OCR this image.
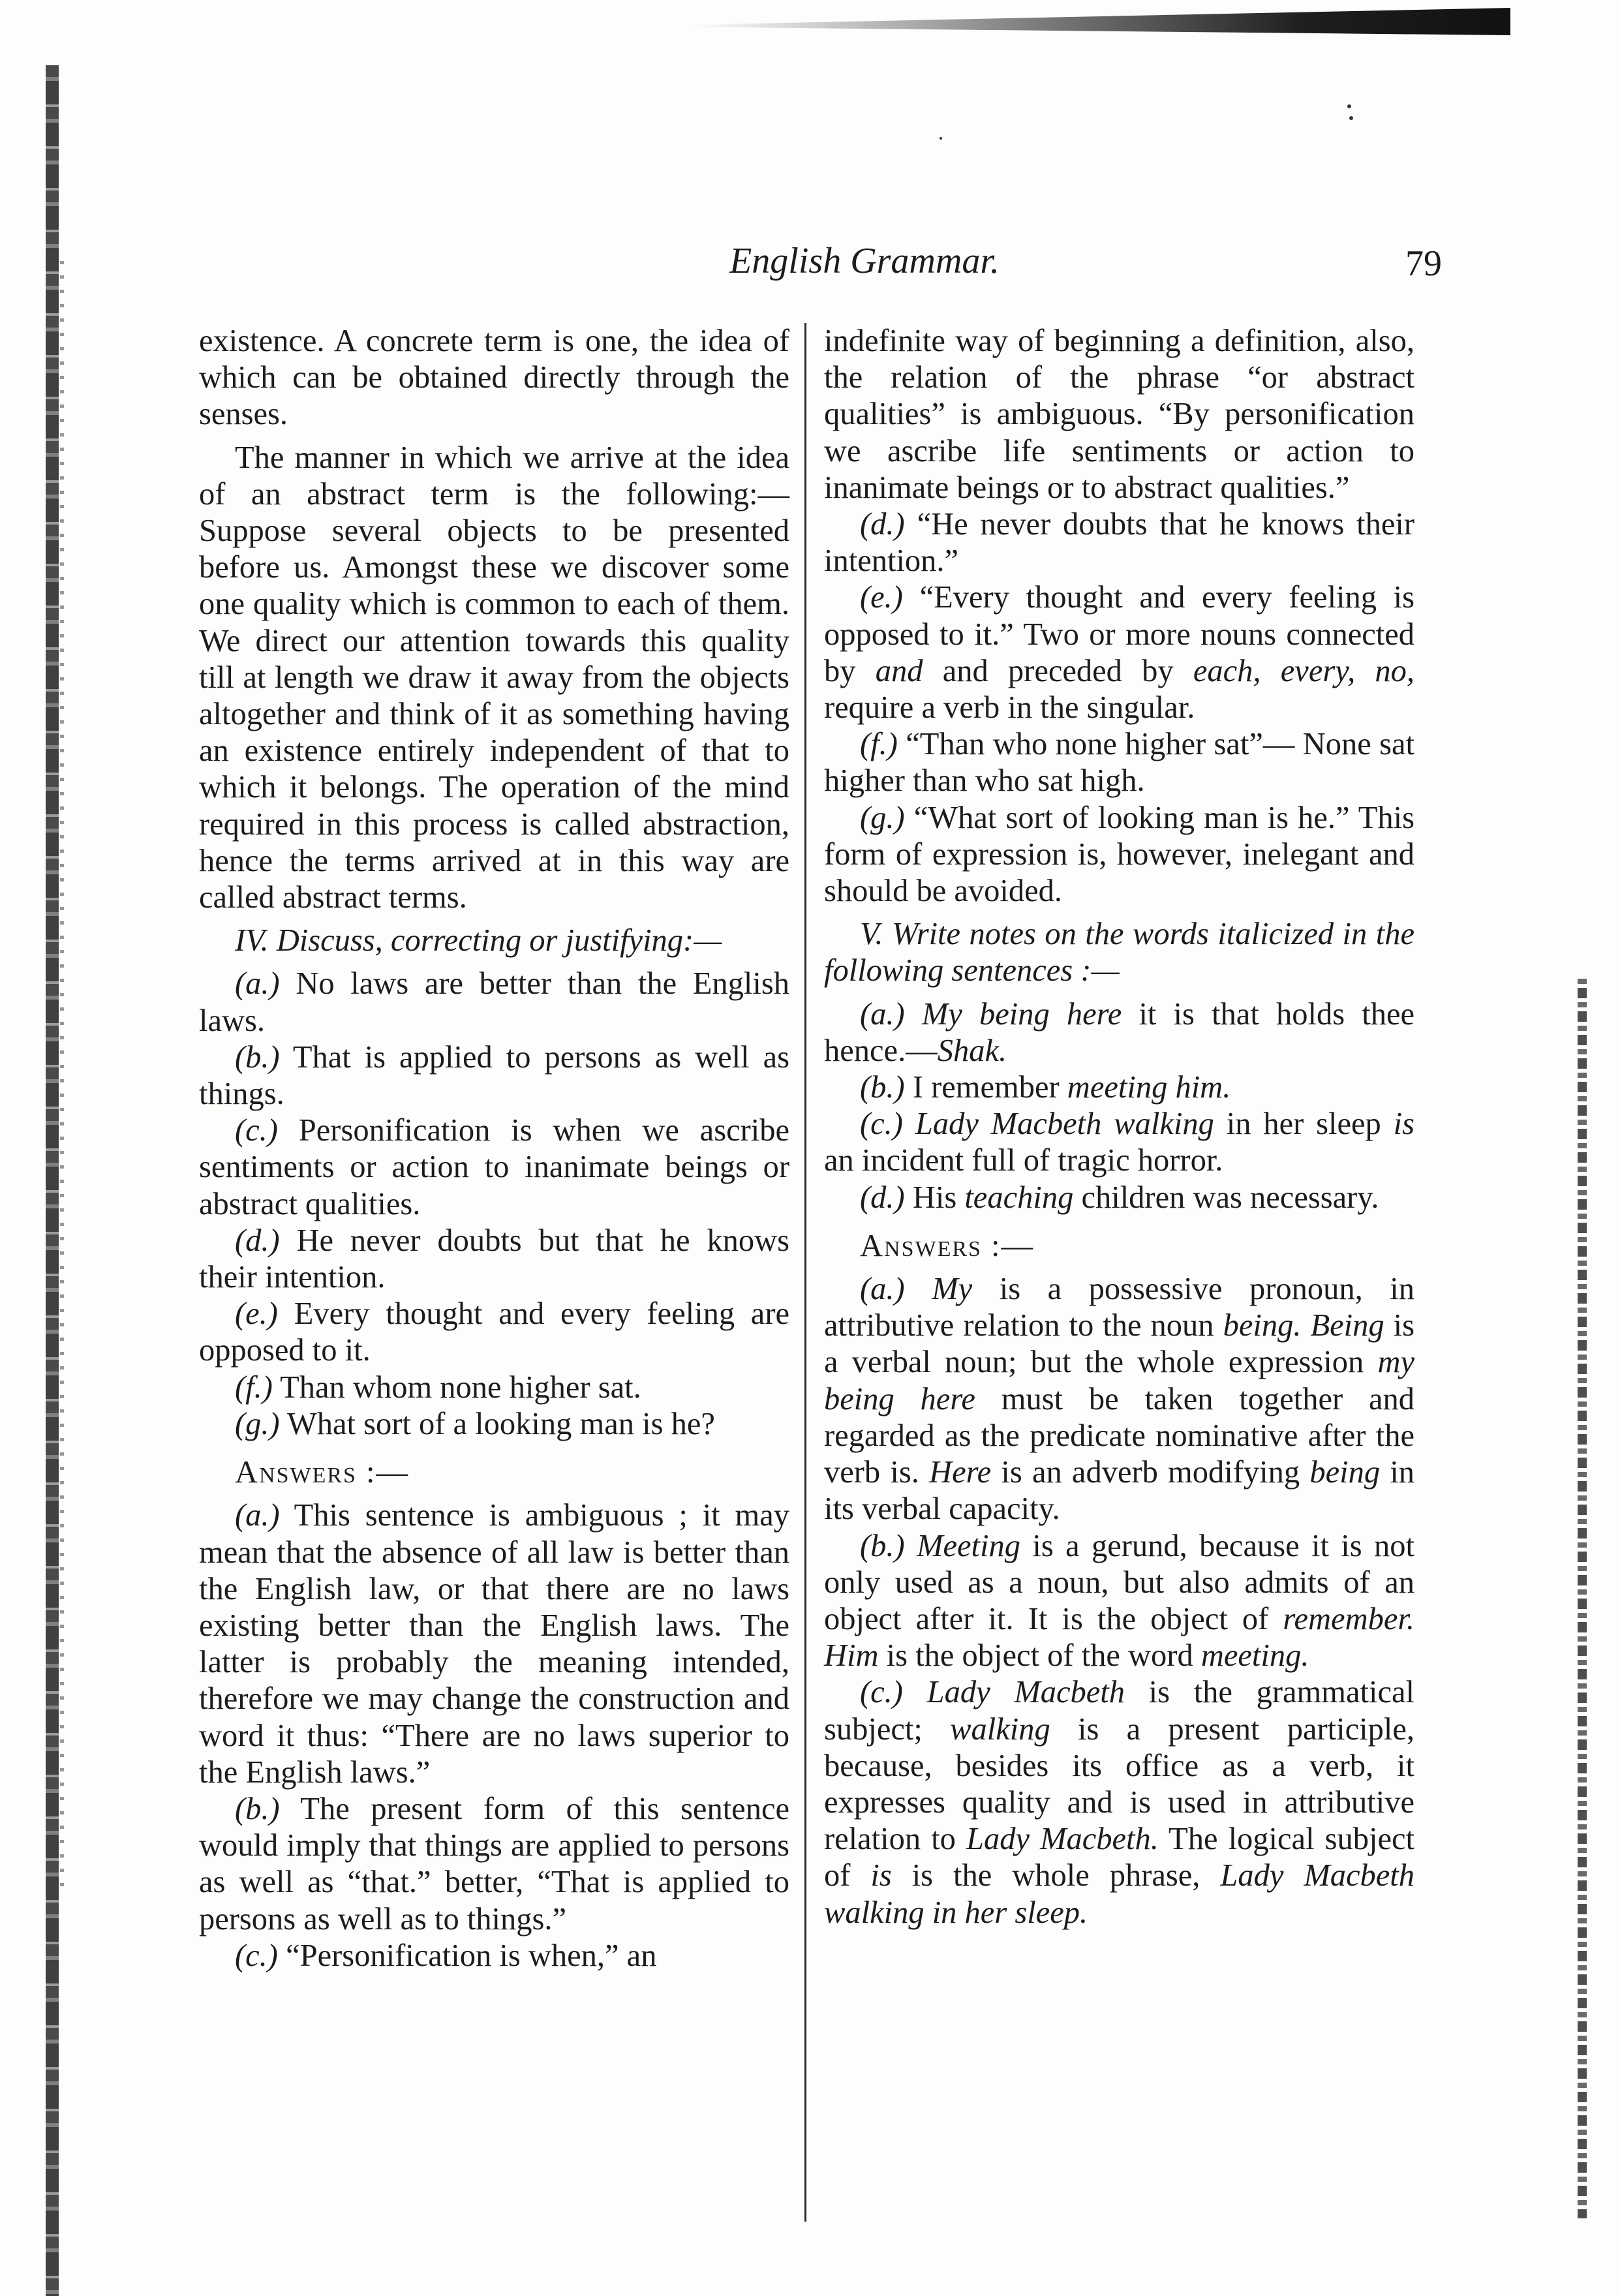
English Grammar.	79

existence. A concrete term is one, the idea of which can be obtained directly through the senses.

The manner in which we arrive at the idea of an abstract term is the following:—Suppose several objects to be presented before us. Amongst these we discover some one quality which is common to each of them. We direct our attention towards this quality till at length we draw it away from the objects altogether and think of it as something having an existence entirely independent of that to which it belongs. The operation of the mind required in this process is called abstraction, hence the terms arrived at in this way are called abstract terms.

IV. Discuss, correcting or justifying:—

(a.) No laws are better than the English laws.

(b.) That is applied to persons as well as things.

(c.) Personification is when we ascribe sentiments or action to inanimate beings or abstract qualities.

(d.) He never doubts but that he knows their intention.

(e.) Every thought and every feeling are opposed to it.

(f.) Than whom none higher sat.

(g.) What sort of a looking man is he?

Answers :—

(a.) This sentence is ambiguous ; it may mean that the absence of all law is better than the English law, or that there are no laws existing better than the English laws. The latter is probably the meaning intended, therefore we may change the construction and word it thus: “There are no laws superior to the English laws.”

(b.) The present form of this sentence would imply that things are applied to persons as well as “that.” better, “That is applied to persons as well as to things.”

(c.) “Personification is when,” an

indefinite way of beginning a definition, also, the relation of the phrase “or abstract qualities” is ambiguous. “By personification we ascribe life sentiments or action to inanimate beings or to abstract qualities.”

(d.) “He never doubts that he knows their intention.”

(e.) “Every thought and every feeling is opposed to it.” Two or more nouns connected by and and preceded by each, every, no, require a verb in the singular.

(f.) “Than who none higher sat”— None sat higher than who sat high.

(g.) “What sort of looking man is he.” This form of expression is, however, inelegant and should be avoided.

V. Write notes on the words italicized in the following sentences :—

(a.) My being here it is that holds thee hence.—Shak.

(b.) I remember meeting him.

(c.) Lady Macbeth walking in her sleep is an incident full of tragic horror.

(d.) His teaching children was necessary.

Answers :—

(a.) My is a possessive pronoun, in attributive relation to the noun being. Being is a verbal noun; but the whole expression my being here must be taken together and regarded as the predicate nominative after the verb is. Here is an adverb modifying being in its verbal capacity.

(b.) Meeting is a gerund, because it is not only used as a noun, but also admits of an object after it. It is the object of remember. Him is the object of the word meeting.

(c.) Lady Macbeth is the grammatical subject; walking is a present participle, because, besides its office as a verb, it expresses quality and is used in attributive relation to Lady Macbeth. The logical subject of is is the whole phrase, Lady Macbeth walking in her sleep.
